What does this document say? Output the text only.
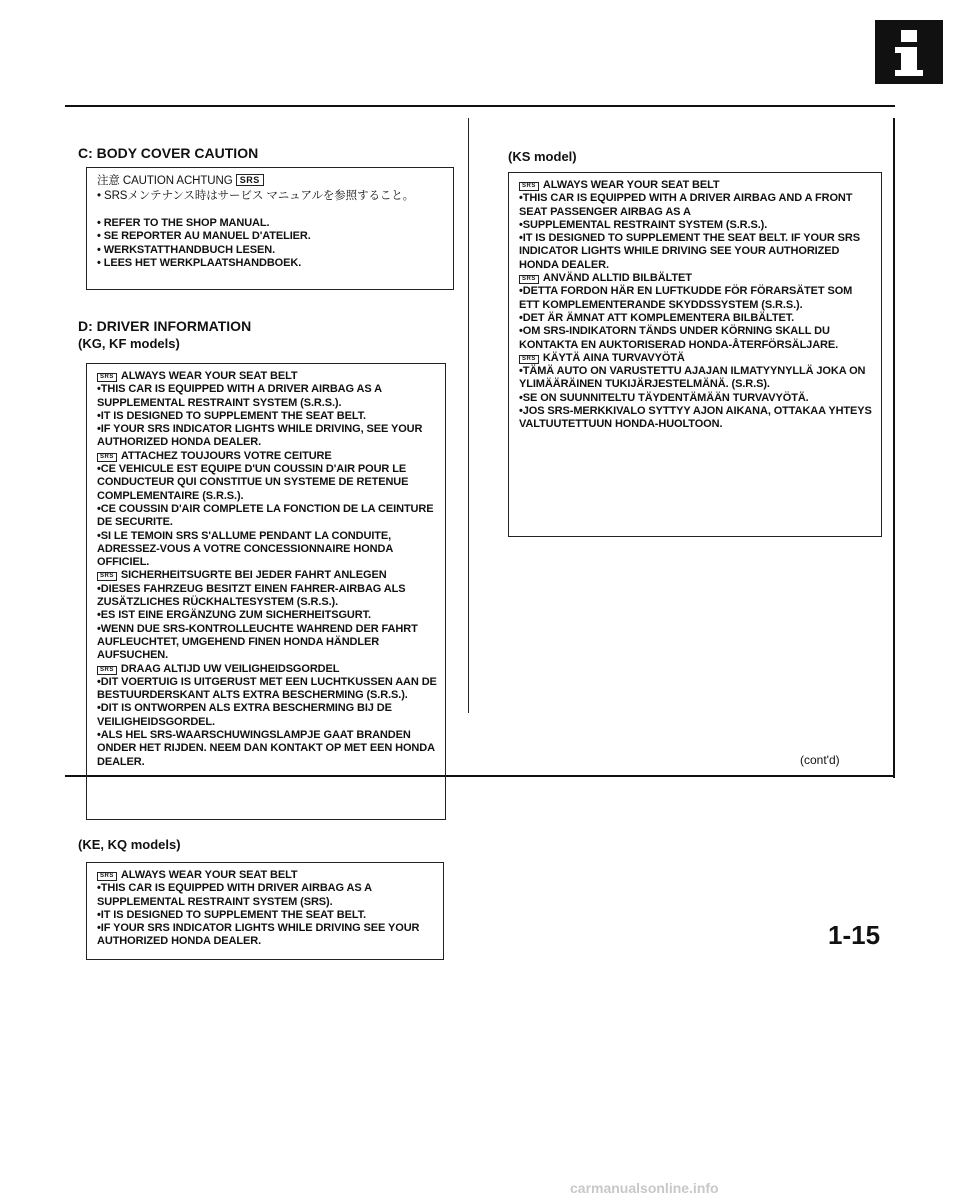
C: BODY COVER CAUTION

注意 CAUTION ACHTUNG SRS

• SRSメンテナンス時はサービス マニュアルを参照すること。

• REFER TO THE SHOP MANUAL.

• SE REPORTER AU MANUEL D'ATELIER.

• WERKSTATTHANDBUCH LESEN.

• LEES HET WERKPLAATSHANDBOEK.

D: DRIVER INFORMATION
(KG, KF models)

SRS ALWAYS WEAR YOUR SEAT BELT

• THIS CAR IS EQUIPPED WITH A DRIVER AIRBAG AS A SUPPLEMENTAL RESTRAINT SYSTEM (S.R.S.).

• IT IS DESIGNED TO SUPPLEMENT THE SEAT BELT.

• IF YOUR SRS INDICATOR LIGHTS WHILE DRIVING, SEE YOUR AUTHORIZED HONDA DEALER.

SRS ATTACHEZ TOUJOURS VOTRE CEITURE

• CE VEHICULE EST EQUIPE D'UN COUSSIN D'AIR POUR LE CONDUCTEUR QUI CONSTITUE UN SYSTEME DE RETENUE COMPLEMENTAIRE (S.R.S.).

• CE COUSSIN D'AIR COMPLETE LA FONCTION DE LA CEINTURE DE SECURITE.

• SI LE TEMOIN SRS S'ALLUME PENDANT LA CONDUITE, ADRESSEZ-VOUS A VOTRE CONCESSIONNAIRE HONDA OFFICIEL.

SRS SICHERHEITSUGRTE BEI JEDER FAHRT ANLEGEN

• DIESES FAHRZEUG BESITZT EINEN FAHRER-AIRBAG ALS ZUSÄTZLICHES RÜCKHALTESYSTEM (S.R.S.).

• ES IST EINE ERGÄNZUNG ZUM SICHERHEITSGURT.

• WENN DUE SRS-KONTROLLEUCHTE WAHREND DER FAHRT AUFLEUCHTET, UMGEHEND FINEN HONDA HÄNDLER AUFSUCHEN.

SRS DRAAG ALTIJD UW VEILIGHEIDSGORDEL

• DIT VOERTUIG IS UITGERUST MET EEN LUCHTKUSSEN AAN DE BESTUURDERSKANT ALTS EXTRA BESCHERMING (S.R.S.).

• DIT IS ONTWORPEN ALS EXTRA BESCHERMING BIJ DE VEILIGHEIDSGORDEL.

• ALS HEL SRS-WAARSCHUWINGSLAMPJE GAAT BRANDEN ONDER HET RIJDEN. NEEM DAN KONTAKT OP MET EEN HONDA DEALER.

(KE, KQ models)

SRS ALWAYS WEAR YOUR SEAT BELT

• THIS CAR IS EQUIPPED WITH DRIVER AIRBAG AS A SUPPLEMENTAL RESTRAINT SYSTEM (SRS).

• IT IS DESIGNED TO SUPPLEMENT THE SEAT BELT.

• IF YOUR SRS INDICATOR LIGHTS WHILE DRIVING SEE YOUR AUTHORIZED HONDA DEALER.

(KS model)

SRS ALWAYS WEAR YOUR SEAT BELT

• THIS CAR IS EQUIPPED WITH A DRIVER AIRBAG AND A FRONT SEAT PASSENGER AIRBAG AS A

• SUPPLEMENTAL RESTRAINT SYSTEM (S.R.S.).

• IT IS DESIGNED TO SUPPLEMENT THE SEAT BELT. IF YOUR SRS INDICATOR LIGHTS WHILE DRIVING SEE YOUR AUTHORIZED HONDA DEALER.

SRS ANVÄND ALLTID BILBÄLTET

• DETTA FORDON HÄR EN LUFTKUDDE FÖR FÖRARSÄTET SOM ETT KOMPLEMENTERANDE SKYDDSSYSTEM (S.R.S.).

• DET ÄR ÄMNAT ATT KOMPLEMENTERA BILBÄLTET.

• OM SRS-INDIKATORN TÄNDS UNDER KÖRNING SKALL DU KONTAKTA EN AUKTORISERAD HONDA-ÅTERFÖRSÄLJARE.

SRS KÄYTÄ AINA TURVAVYÖTÄ

• TÄMÄ AUTO ON VARUSTETTU AJAJAN ILMATYYNYLLÄ JOKA ON YLIMÄÄRÄINEN TUKIJÄRJESTELMÄNÄ. (S.R.S).

• SE ON SUUNNITELTU TÄYDENTÄMÄÄN TURVAVYÖTÄ.

• JOS SRS-MERKKIVALO SYTTYY AJON AIKANA, OTTAKAA YHTEYS VALTUUTETTUUN HONDA-HUOLTOON.

(cont'd)
1-15
carmanualsonline.info
